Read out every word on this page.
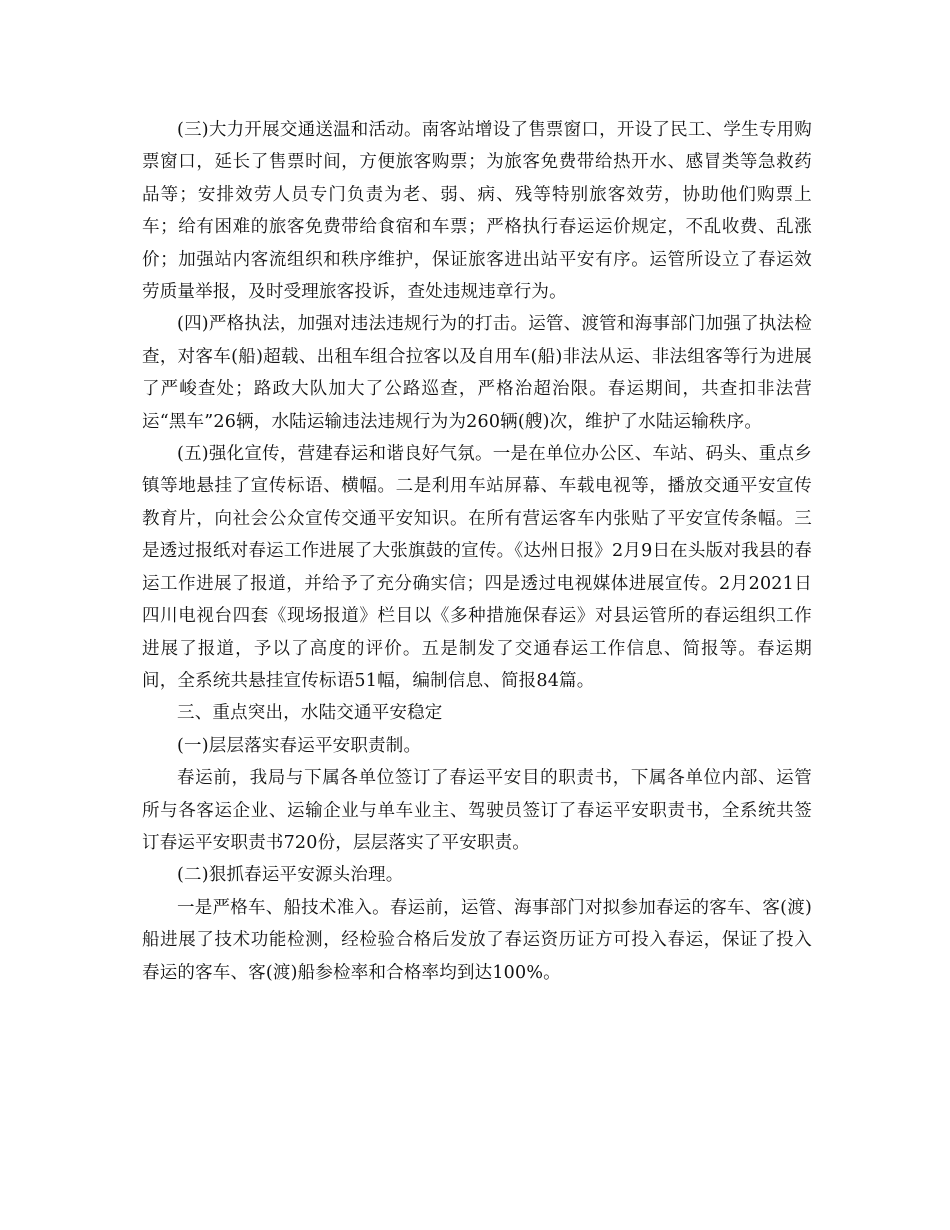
(三)大力开展交通送温和活动。南客站增设了售票窗口，开设了民工、学生专用购票窗口，延长了售票时间，方便旅客购票；为旅客免费带给热开水、感冒类等急救药品等；安排效劳人员专门负责为老、弱、病、残等特别旅客效劳，协助他们购票上车；给有困难的旅客免费带给食宿和车票；严格执行春运运价规定，不乱收费、乱涨价；加强站内客流组织和秩序维护，保证旅客进出站平安有序。运管所设立了春运效劳质量举报，及时受理旅客投诉，查处违规违章行为。

(四)严格执法，加强对违法违规行为的打击。运管、渡管和海事部门加强了执法检查，对客车(船)超载、出租车组合拉客以及自用车(船)非法从运、非法组客等行为进展了严峻查处；路政大队加大了公路巡查，严格治超治限。春运期间，共查扣非法营运“黑车”26辆，水陆运输违法违规行为为260辆(艘)次，维护了水陆运输秩序。

(五)强化宣传，营建春运和谐良好气氛。一是在单位办公区、车站、码头、重点乡镇等地悬挂了宣传标语、横幅。二是利用车站屏幕、车载电视等，播放交通平安宣传教育片，向社会公众宣传交通平安知识。在所有营运客车内张贴了平安宣传条幅。三是透过报纸对春运工作进展了大张旗鼓的宣传。《达州日报》2月9日在头版对我县的春运工作进展了报道，并给予了充分确实信；四是透过电视媒体进展宣传。2月2021日四川电视台四套《现场报道》栏目以《多种措施保春运》对县运管所的春运组织工作进展了报道，予以了高度的评价。五是制发了交通春运工作信息、简报等。春运期间，全系统共悬挂宣传标语51幅，编制信息、简报84篇。

三、重点突出，水陆交通平安稳定

(一)层层落实春运平安职责制。

春运前，我局与下属各单位签订了春运平安目的职责书，下属各单位内部、运管所与各客运企业、运输企业与单车业主、驾驶员签订了春运平安职责书，全系统共签订春运平安职责书720份，层层落实了平安职责。

(二)狠抓春运平安源头治理。

一是严格车、船技术准入。春运前，运管、海事部门对拟参加春运的客车、客(渡)船进展了技术功能检测，经检验合格后发放了春运资历证方可投入春运，保证了投入春运的客车、客(渡)船参检率和合格率均到达100%。
